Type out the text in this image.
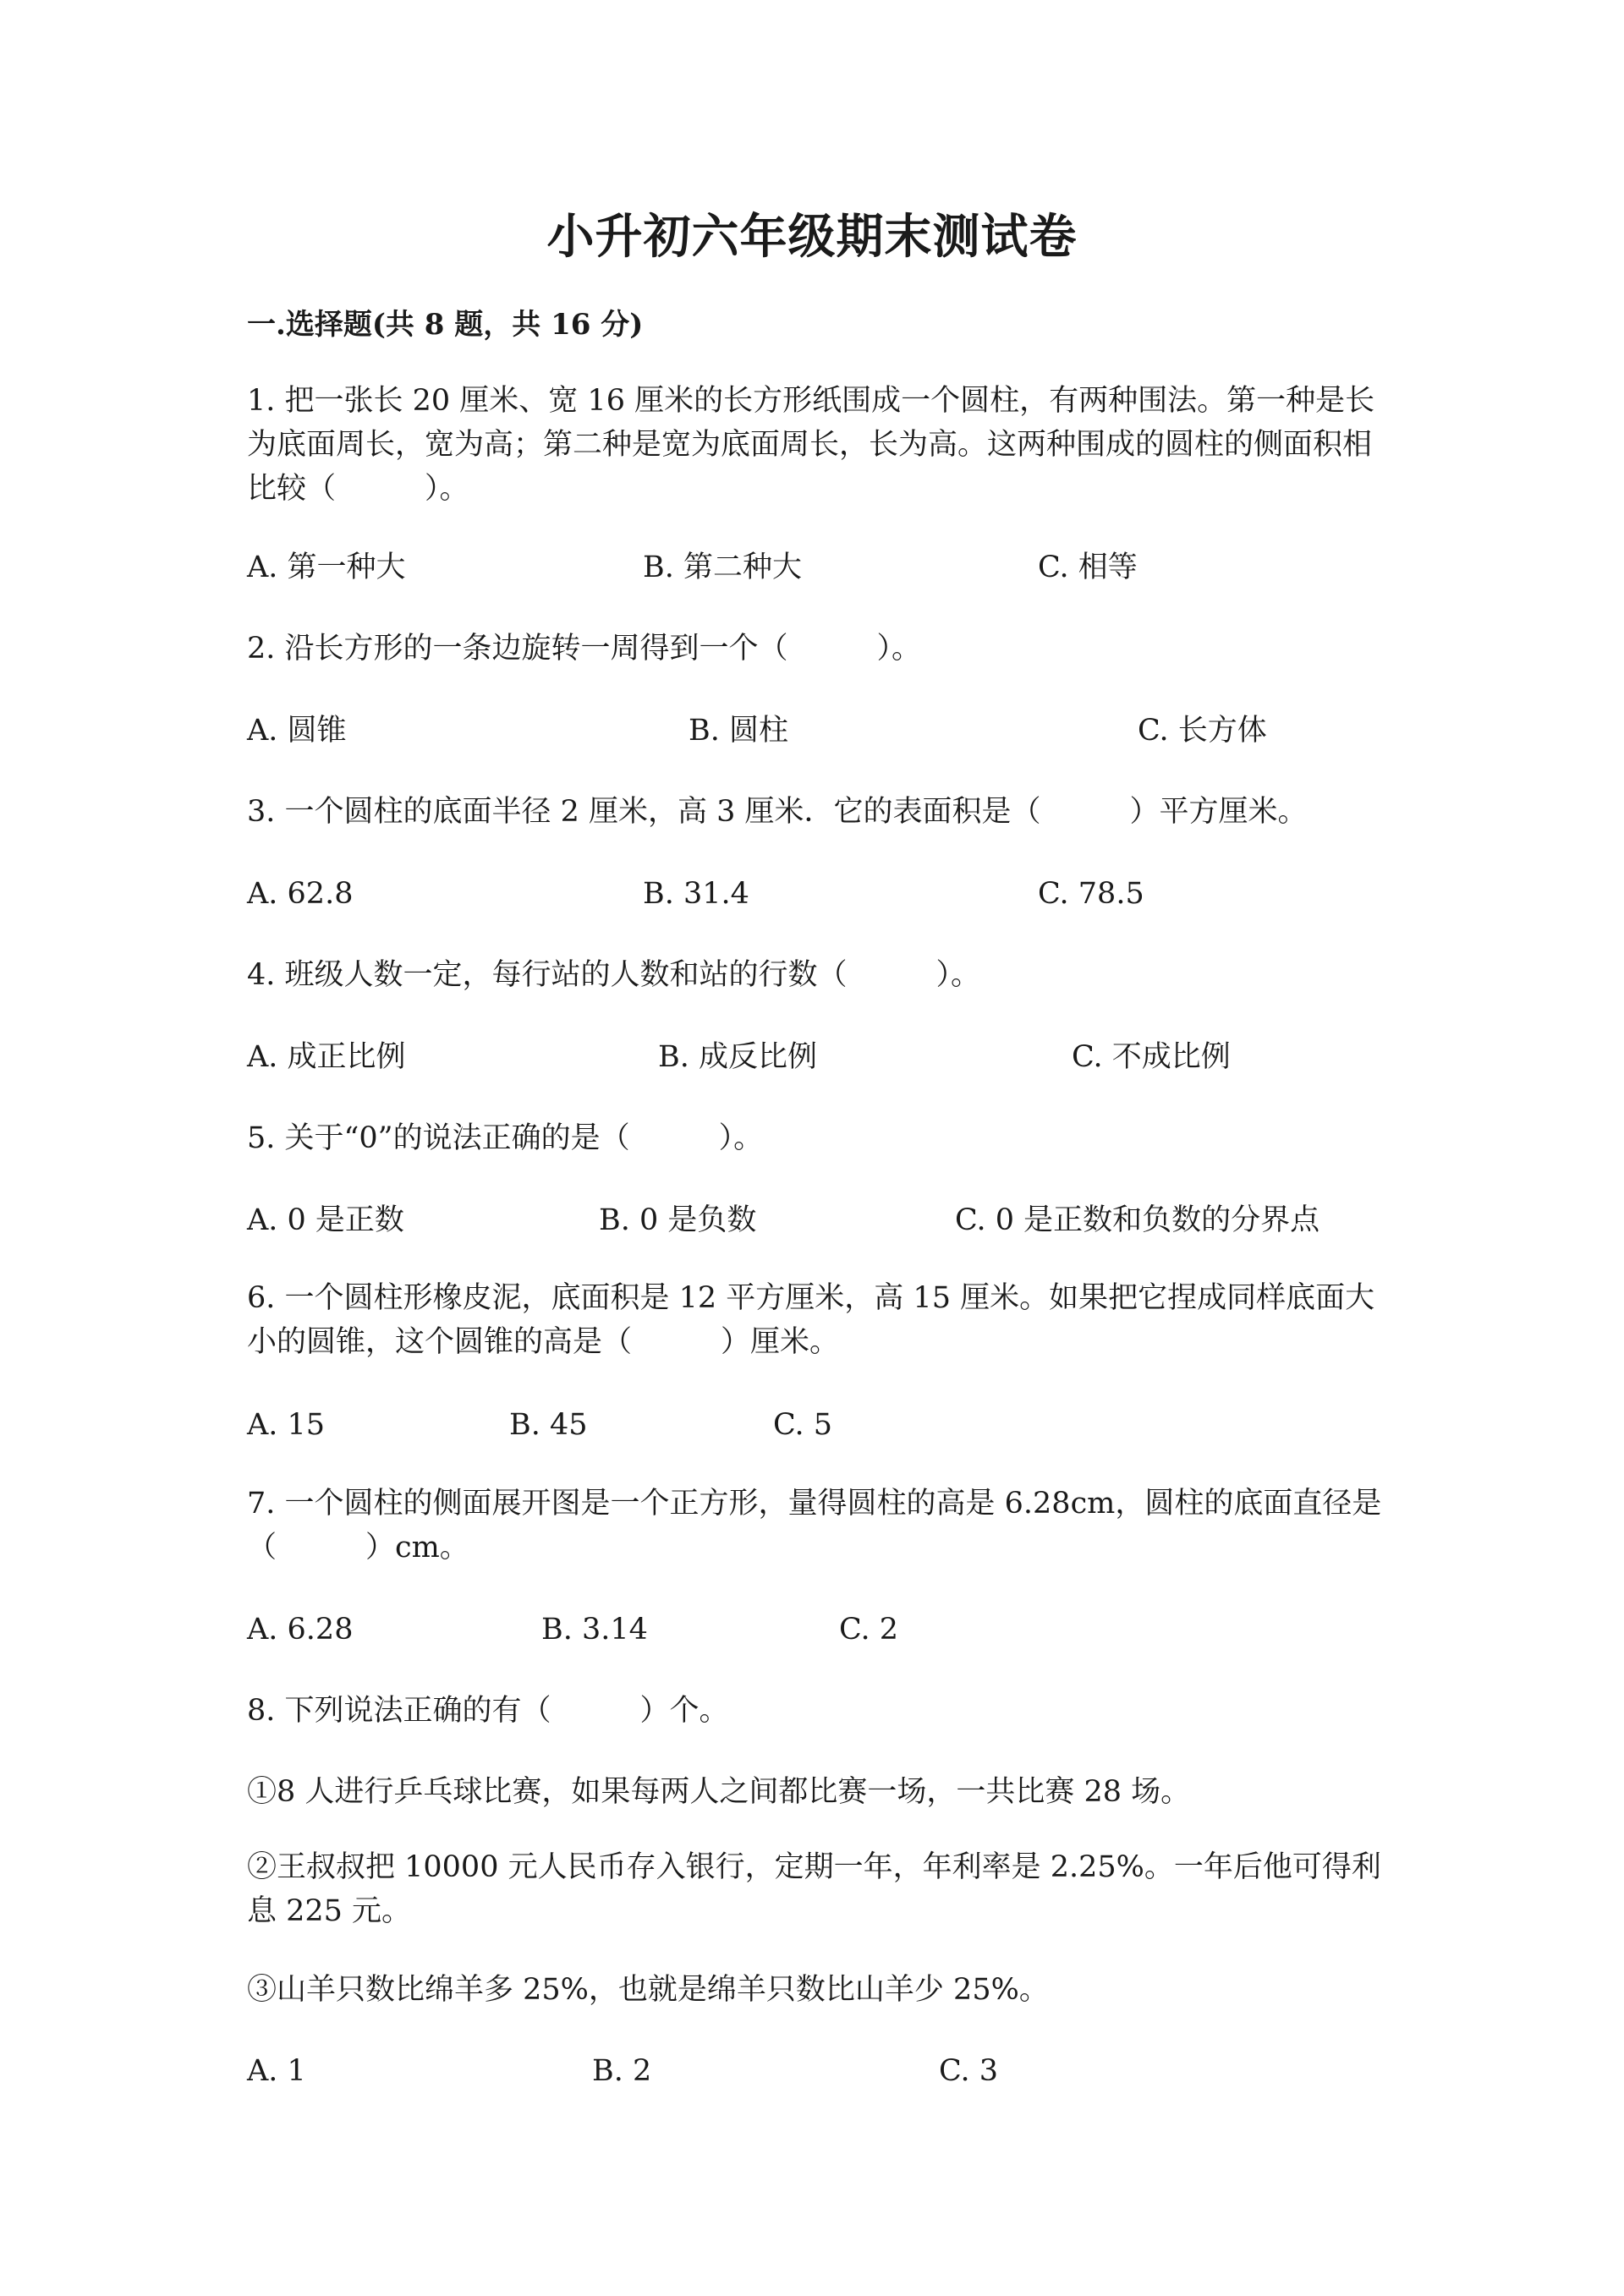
小升初六年级期末测试卷
一.选择题(共 8 题，共 16 分)
1. 把一张长 20 厘米、宽 16 厘米的长方形纸围成一个圆柱，有两种围法。第一种是长为底面周长，宽为高；第二种是宽为底面周长，长为高。这两种围成的圆柱的侧面积相比较（　　　）。
A. 第一种大	B. 第二种大	C. 相等
2. 沿长方形的一条边旋转一周得到一个（　　　）。
A. 圆锥	B. 圆柱	C. 长方体
3. 一个圆柱的底面半径 2 厘米，高 3 厘米．它的表面积是（　　　）平方厘米。
A. 62.8	B. 31.4	C. 78.5
4. 班级人数一定，每行站的人数和站的行数（　　　）。
A. 成正比例	B. 成反比例	C. 不成比例
5. 关于“0”的说法正确的是（　　　）。
A. 0 是正数	B. 0 是负数	C. 0 是正数和负数的分界点
6. 一个圆柱形橡皮泥，底面积是 12 平方厘米，高 15 厘米。如果把它捏成同样底面大小的圆锥，这个圆锥的高是（　　　）厘米。
A. 15	B. 45	C. 5
7. 一个圆柱的侧面展开图是一个正方形，量得圆柱的高是 6.28cm，圆柱的底面直径是（　　　）cm。
A. 6.28	B. 3.14	C. 2
8. 下列说法正确的有（　　　）个。
①8 人进行乒乓球比赛，如果每两人之间都比赛一场，一共比赛 28 场。
②王叔叔把 10000 元人民币存入银行，定期一年，年利率是 2.25%。一年后他可得利息 225 元。
③山羊只数比绵羊多 25%，也就是绵羊只数比山羊少 25%。
A. 1	B. 2	C. 3
